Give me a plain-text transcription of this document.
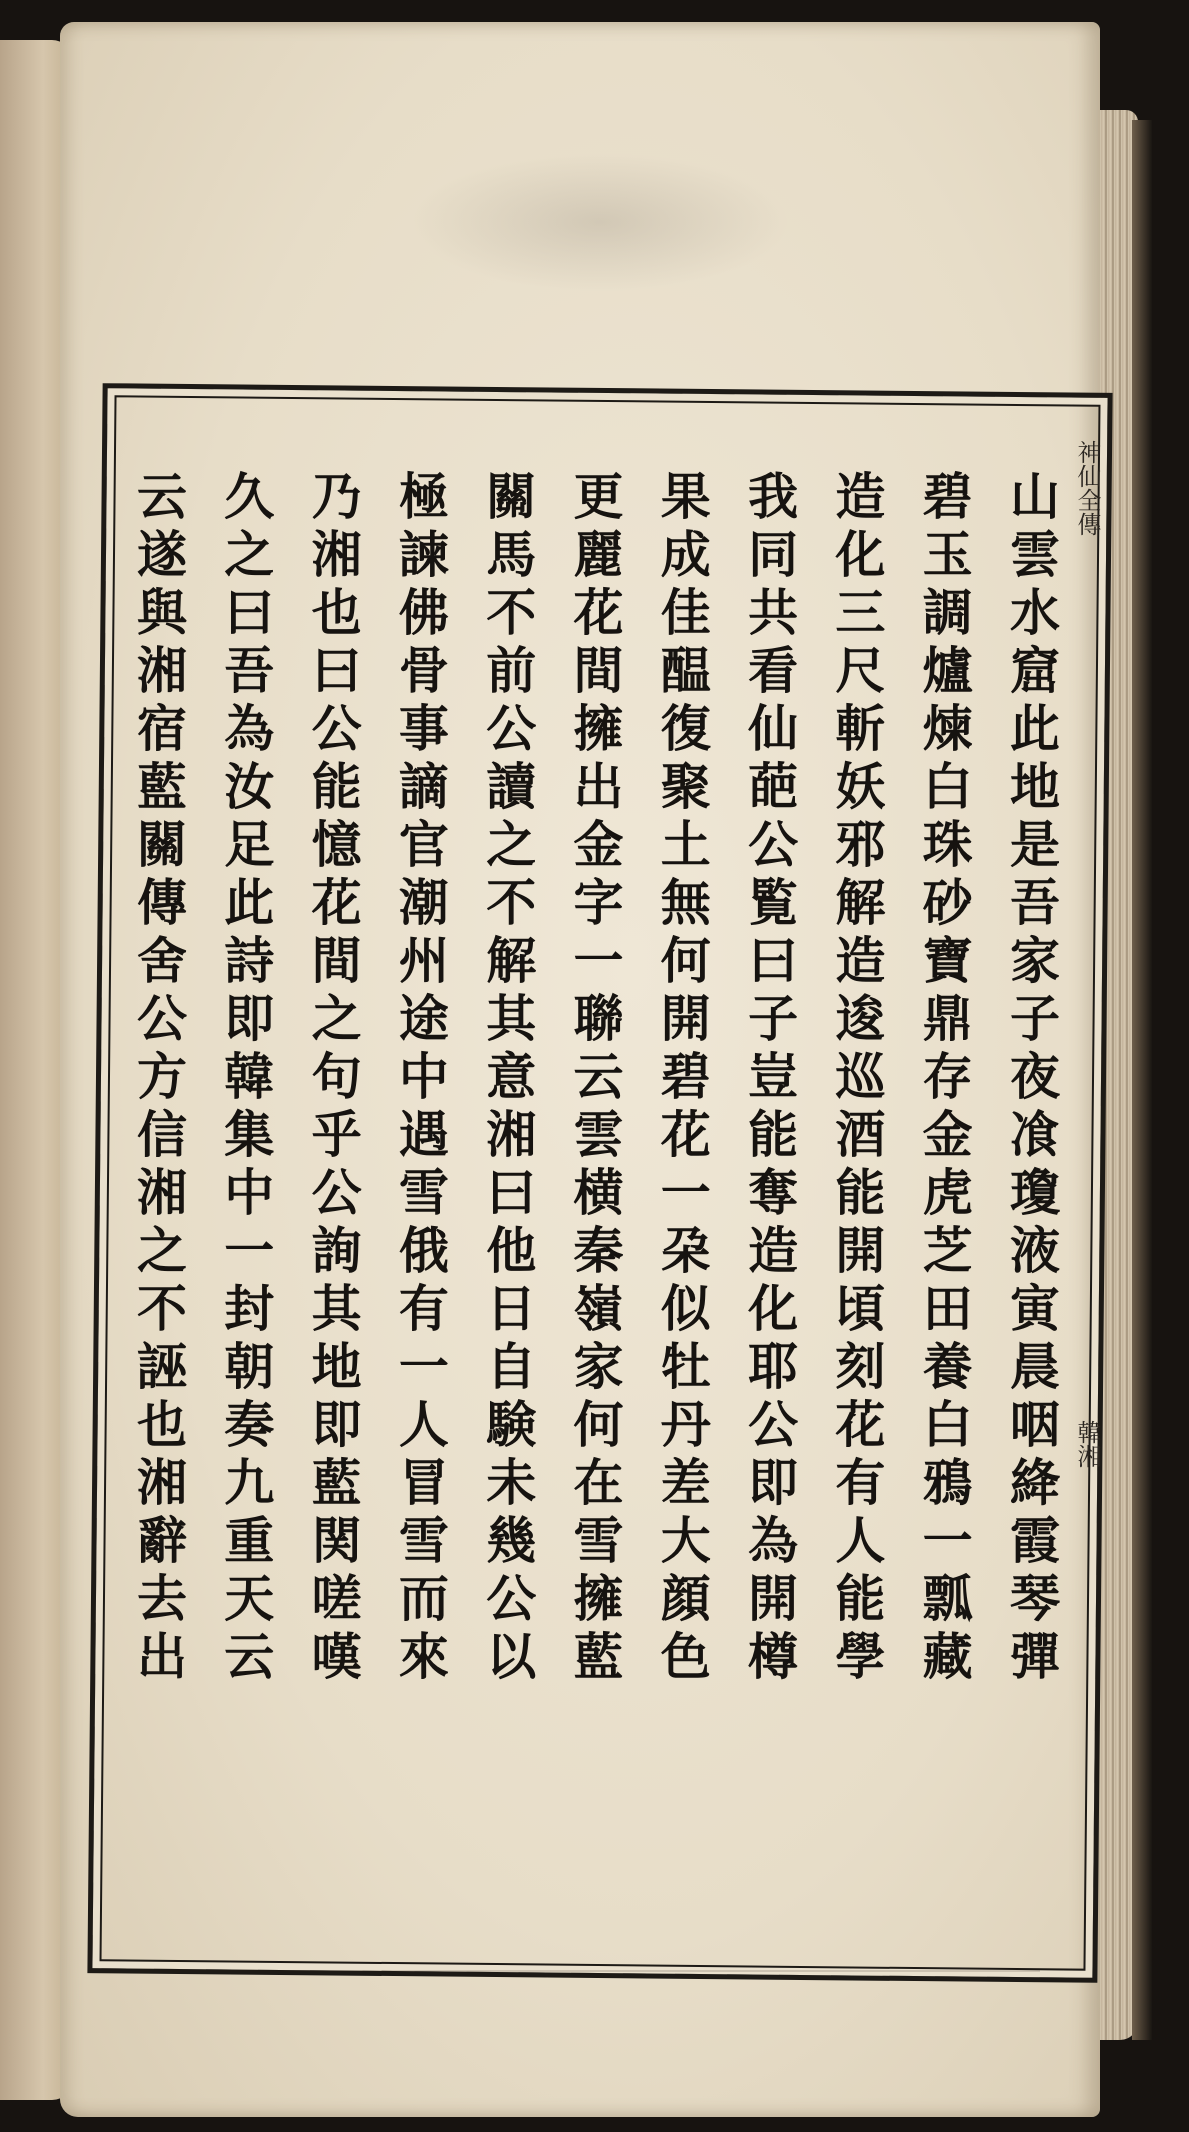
山雲水窟此地是吾家子夜飡瓊液寅晨咽絳霞琴彈
碧玉調爐煉白珠砂寶鼎存金虎芝田養白鴉一瓢藏
造化三尺斬妖邪解造逡巡酒能開頃刻花有人能學
我同共看仙葩公覧曰子豈能奪造化耶公即為開樽
果成佳醖復聚土無何開碧花一朶似牡丹差大顔色
更麗花間擁出金字一聯云雲横秦嶺家何在雪擁藍
關馬不前公讀之不解其意湘曰他日自験未幾公以
極諫佛骨事謫官潮州途中遇雪俄有一人冒雪而來
乃湘也曰公能憶花間之句乎公詢其地即藍関嗟嘆
久之曰吾為汝足此詩即韓集中一封朝奏九重天云
云遂與湘宿藍關傳舍公方信湘之不誣也湘辭去出	神仙全傳
韓湘
